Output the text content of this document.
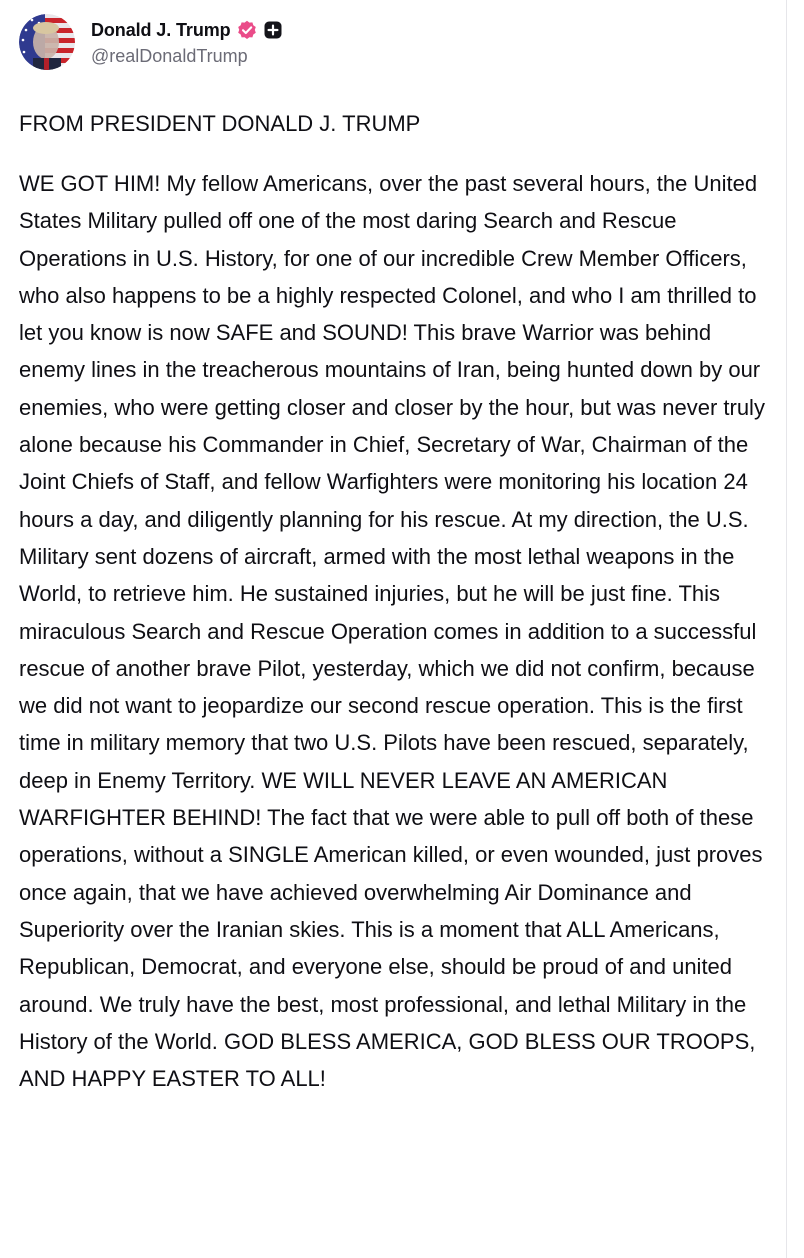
Donald J. Trump
@realDonaldTrump
FROM PRESIDENT DONALD J. TRUMP
WE GOT HIM! My fellow Americans, over the past several hours, the United States Military pulled off one of the most daring Search and Rescue Operations in U.S. History, for one of our incredible Crew Member Officers, who also happens to be a highly respected Colonel, and who I am thrilled to let you know is now SAFE and SOUND! This brave Warrior was behind enemy lines in the treacherous mountains of Iran, being hunted down by our enemies, who were getting closer and closer by the hour, but was never truly alone because his Commander in Chief, Secretary of War, Chairman of the Joint Chiefs of Staff, and fellow Warfighters were monitoring his location 24 hours a day, and diligently planning for his rescue. At my direction, the U.S. Military sent dozens of aircraft, armed with the most lethal weapons in the World, to retrieve him. He sustained injuries, but he will be just fine. This miraculous Search and Rescue Operation comes in addition to a successful rescue of another brave Pilot, yesterday, which we did not confirm, because we did not want to jeopardize our second rescue operation. This is the first time in military memory that two U.S. Pilots have been rescued, separately, deep in Enemy Territory. WE WILL NEVER LEAVE AN AMERICAN WARFIGHTER BEHIND! The fact that we were able to pull off both of these operations, without a SINGLE American killed, or even wounded, just proves once again, that we have achieved overwhelming Air Dominance and Superiority over the Iranian skies. This is a moment that ALL Americans, Republican, Democrat, and everyone else, should be proud of and united around. We truly have the best, most professional, and lethal Military in the History of the World. GOD BLESS AMERICA, GOD BLESS OUR TROOPS, AND HAPPY EASTER TO ALL!
